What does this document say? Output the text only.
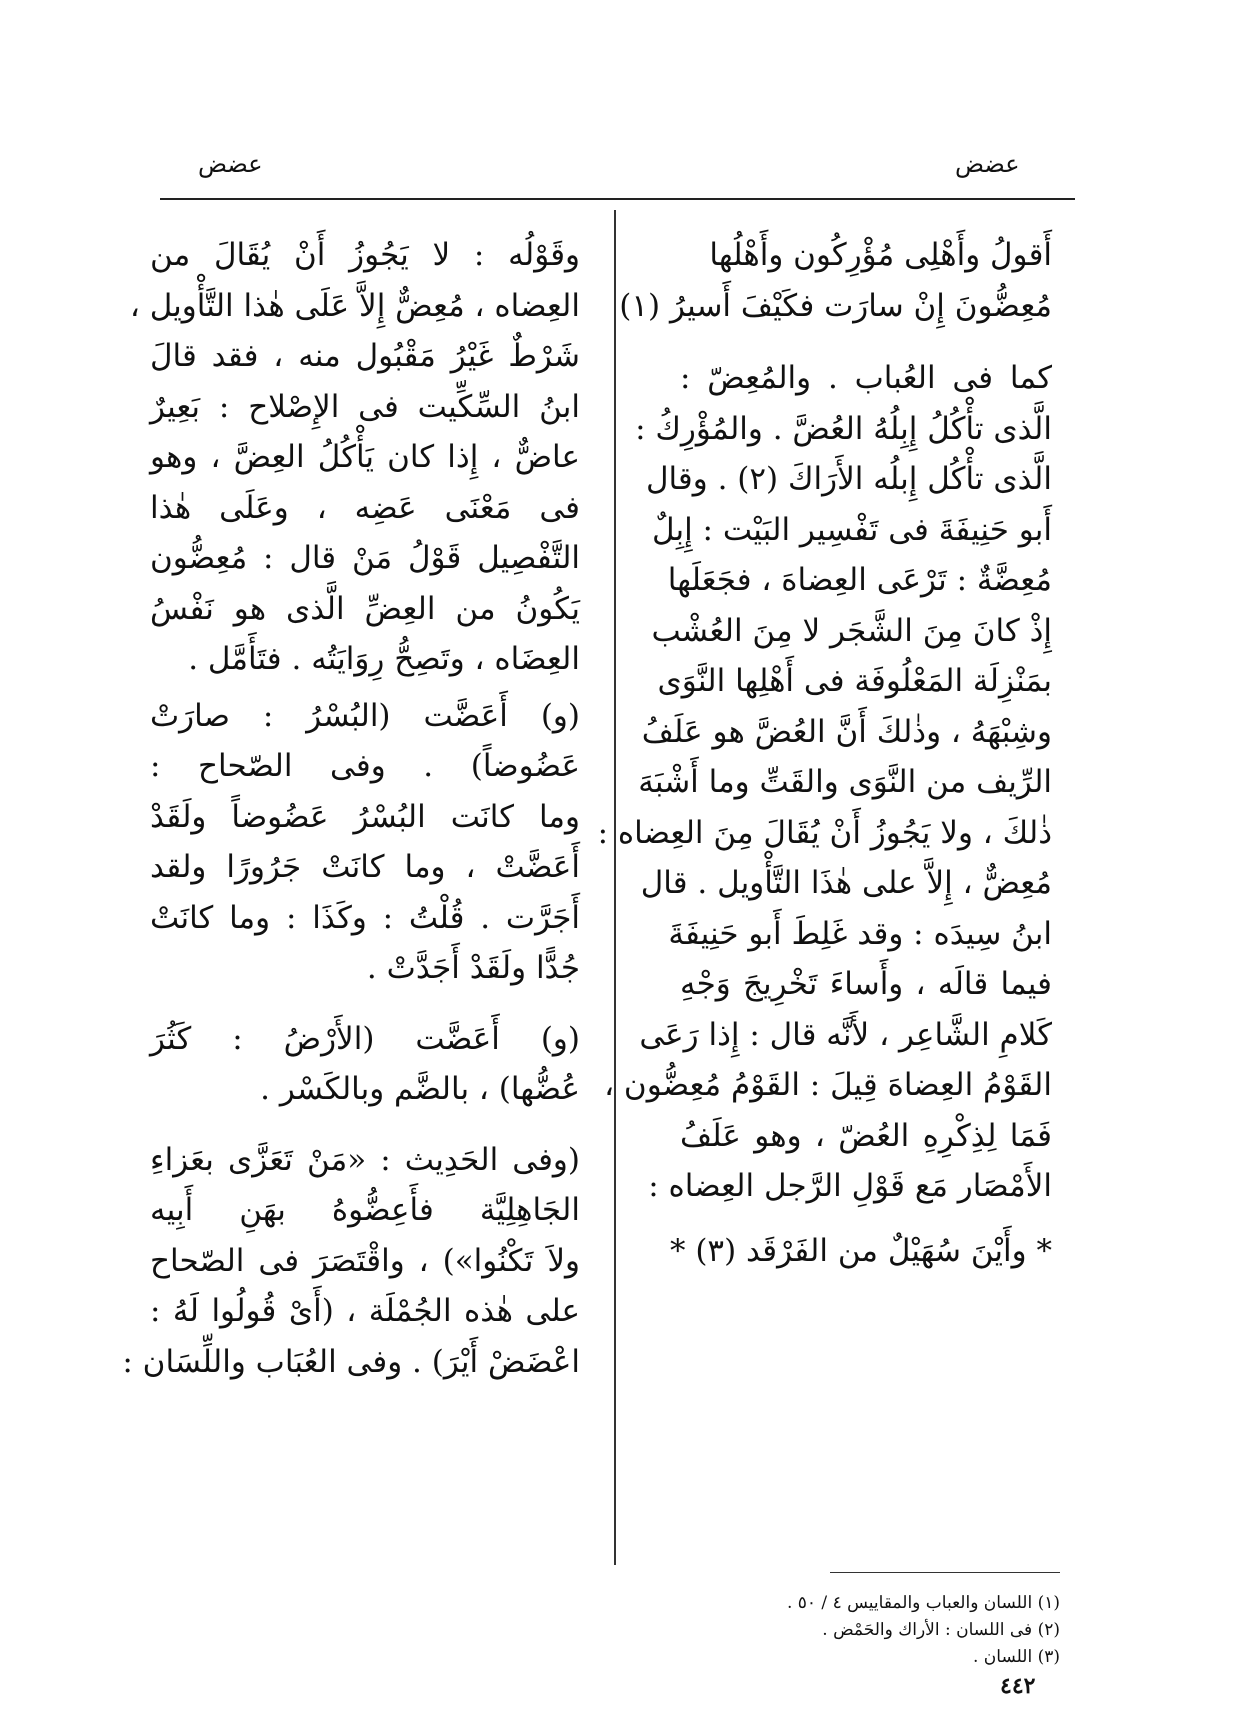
عضض
عضض
أَقولُ وأَهْلِى مُؤْرِكُون وأَهْلُها
مُعِضُّونَ إِنْ سارَت فكَيْفَ أَسيرُ (١)
كما فى العُباب . والمُعِضّ :
الَّذى تأْكُلُ إِبِلُهُ العُضَّ . والمُؤْرِكُ :
الَّذى تأْكُل إِبلُه الأَرَاكَ (٢) . وقال
أَبو حَنِيفَةَ فى تَفْسِير البَيْت : إِبِلٌ
مُعِضَّةٌ : تَرْعَى العِضاهَ ، فجَعَلَها
إِذْ كانَ مِنَ الشَّجَر لا مِنَ العُشْب
بمَنْزِلَة المَعْلُوفَة فى أَهْلِها النَّوَى
وشِبْهَهُ ، وذٰلكَ أَنَّ العُضَّ هو عَلَفُ
الرِّيف من النَّوَى والقَتِّ وما أَشْبَهَ
ذٰلكَ ، ولا يَجُوزُ أَنْ يُقَالَ مِنَ العِضاه :
مُعِضٌّ ، إِلاَّ على هٰذَا التَّأْويل . قال
ابنُ سِيدَه : وقد غَلِطَ أَبو حَنِيفَةَ
فيما قالَه ، وأَساءَ تَخْرِيجَ وَجْهِ
كَلامِ الشَّاعِر ، لأَنَّه قال : إِذا رَعَى
القَوْمُ العِضاهَ قِيلَ : القَوْمُ مُعِضُّون ،
فَمَا لِذِكْرِهِ العُضّ ، وهو عَلَفُ
الأَمْصَار مَع قَوْلِ الرَّجل العِضاه :
* وأَيْنَ سُهَيْلٌ من الفَرْقَد (٣) *
وقَوْلُه : لا يَجُوزُ أَنْ يُقَالَ من
العِضاه ، مُعِضٌّ إِلاَّ عَلَى هٰذا التَّأْويل ،
شَرْطٌ غَيْرُ مَقْبُول منه ، فقد قالَ
ابنُ السِّكِّيت فى الإِصْلاح : بَعِيرٌ
عاضٌّ ، إِذا كان يَأْكُلُ العِضَّ ، وهو
فى مَعْنَى عَضِه ، وعَلَى هٰذا
التَّفْصِيل قَوْلُ مَنْ قال : مُعِضُّون
يَكُونُ من العِضِّ الَّذى هو نَفْسُ
العِضَاه ، وتَصِحُّ رِوَايَتُه . فتَأَمَّل .
(و) أَعَضَّت (البُسْرُ : صارَتْ
عَضُوضاً) . وفى الصّحاح :
وما كانَت البُسْرُ عَضُوضاً ولَقَدْ
أَعَضَّتْ ، وما كانَتْ جَرُورًا ولقد
أَجَرَّت . قُلْتُ : وكَذَا : وما كانَتْ
جُدًّا ولَقَدْ أَجَدَّتْ .
(و) أَعَضَّت (الأَرْضُ : كَثُرَ
عُضُّها) ، بالضَّم وبالكَسْر .
(وفى الحَدِيث : «مَنْ تَعَزَّى بعَزاءِ
الجَاهِلِيَّة فأَعِضُّوهُ بهَنِ أَبِيه
ولاَ تَكْنُوا») ، واقْتَصَرَ فى الصّحاح
على هٰذه الجُمْلَة ، (أَىْ قُولُوا لَهُ :
اعْضَضْ أَيْرَ) . وفى العُبَاب واللِّسَان :
(١) اللسان والعباب والمقاييس ٤ / ٥٠ .
(٢) فى اللسان : الأراك والحَمْض .
(٣) اللسان .
٤٤٢
